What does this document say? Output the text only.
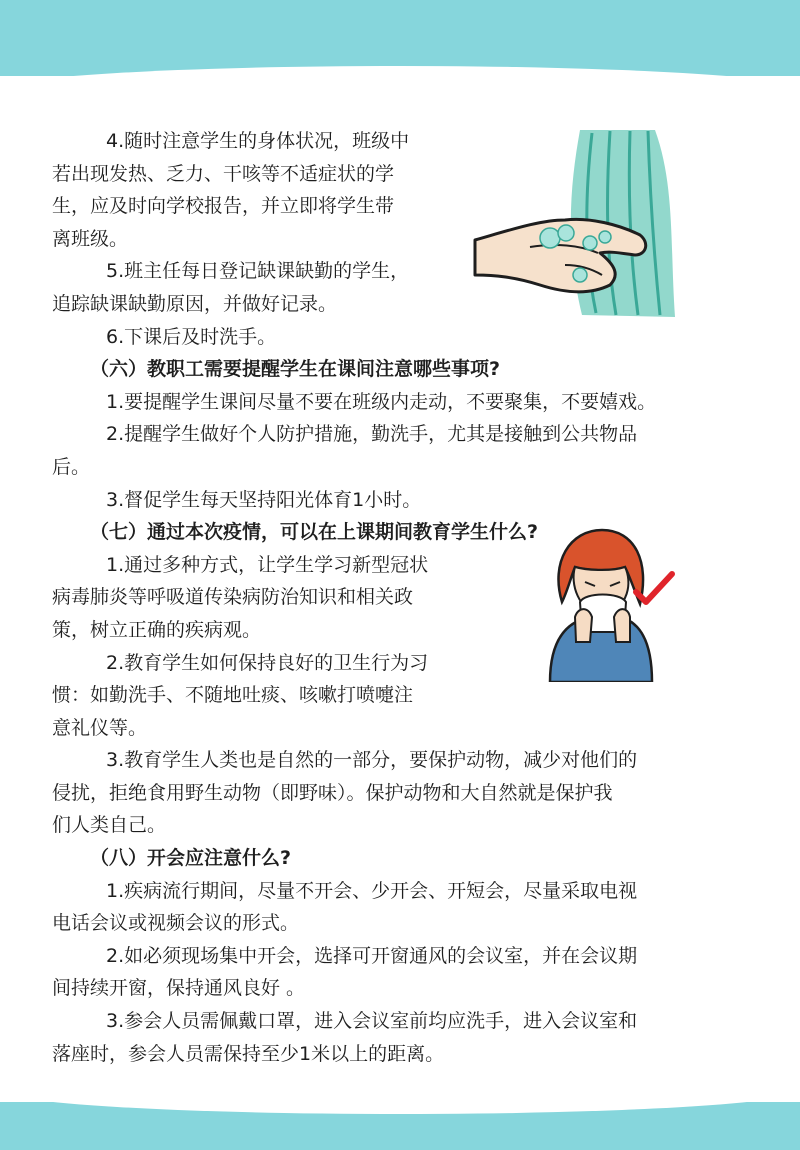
4.随时注意学生的身体状况，班级中
若出现发热、乏力、干咳等不适症状的学
生，应及时向学校报告，并立即将学生带
离班级。

5.班主任每日登记缺课缺勤的学生，
追踪缺课缺勤原因，并做好记录。

6.下课后及时洗手。

（六）教职工需要提醒学生在课间注意哪些事项?

1.要提醒学生课间尽量不要在班级内走动，不要聚集，不要嬉戏。

2.提醒学生做好个人防护措施，勤洗手，尤其是接触到公共物品
后。

3.督促学生每天坚持阳光体育1小时。

（七）通过本次疫情，可以在上课期间教育学生什么?

1.通过多种方式，让学生学习新型冠状
病毒肺炎等呼吸道传染病防治知识和相关政
策，树立正确的疾病观。

2.教育学生如何保持良好的卫生行为习
惯：如勤洗手、不随地吐痰、咳嗽打喷嚏注
意礼仪等。

3.教育学生人类也是自然的一部分，要保护动物，减少对他们的
侵扰，拒绝食用野生动物（即野味）。保护动物和大自然就是保护我
们人类自己。

（八）开会应注意什么?

1.疾病流行期间，尽量不开会、少开会、开短会，尽量采取电视
电话会议或视频会议的形式。

2.如必须现场集中开会，选择可开窗通风的会议室，并在会议期
间持续开窗，保持通风良好 。

3.参会人员需佩戴口罩，进入会议室前均应洗手，进入会议室和
落座时，参会人员需保持至少1米以上的距离。
